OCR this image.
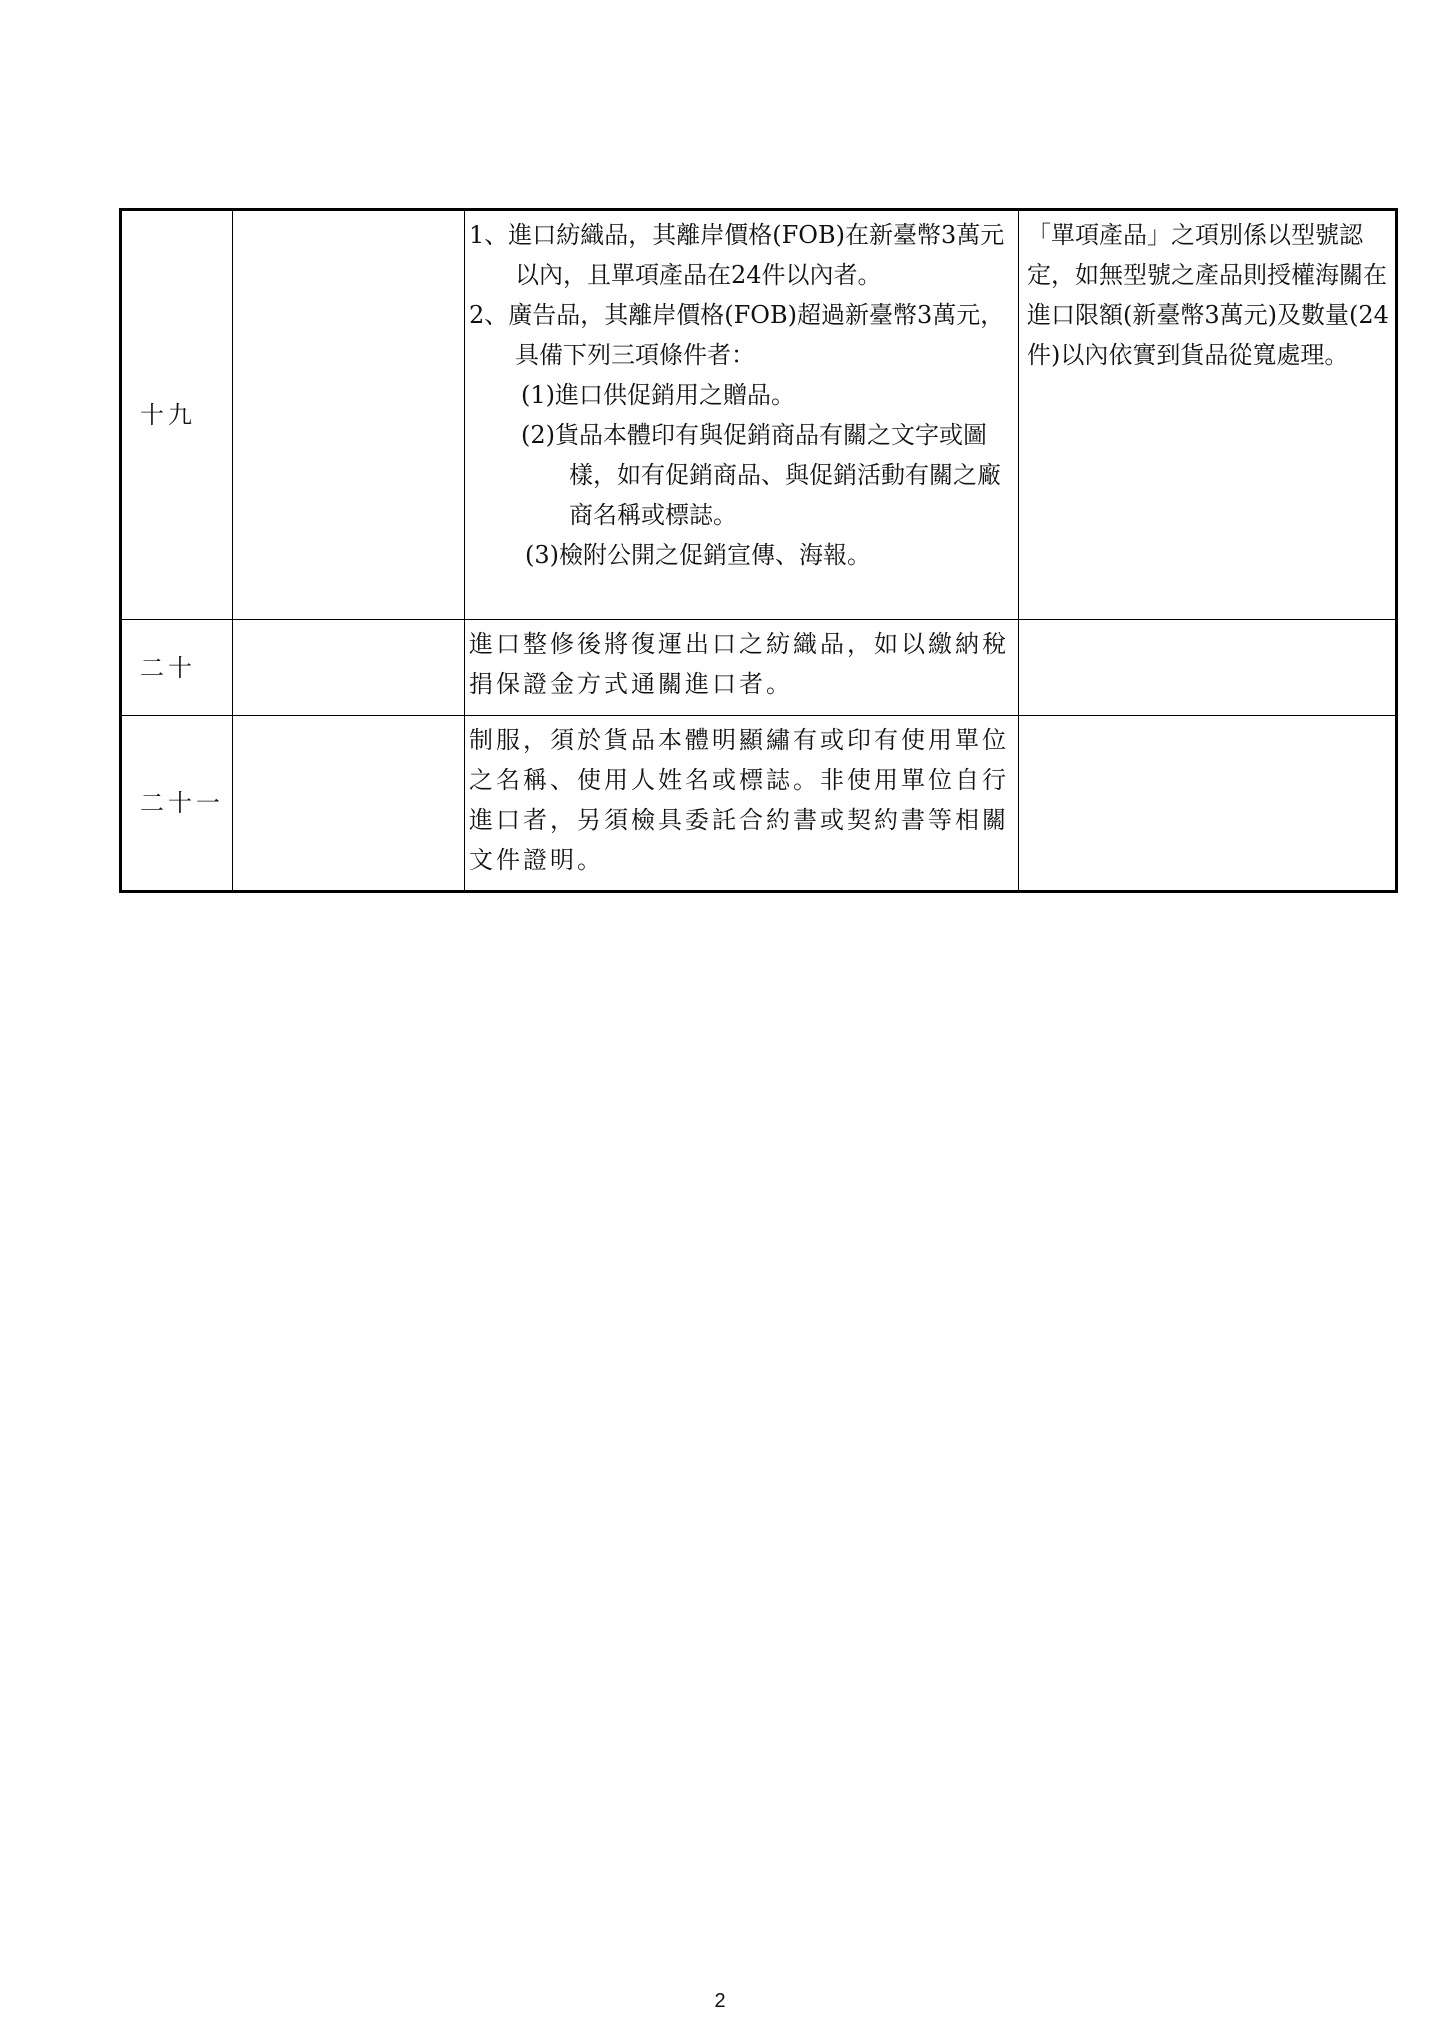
十九		1、進口紡織品，其離岸價格(FOB)在新臺幣3萬元以內，且單項產品在24件以內者。
2、廣告品，其離岸價格(FOB)超過新臺幣3萬元，具備下列三項條件者：
(1)進口供促銷用之贈品。
(2)貨品本體印有與促銷商品有關之文字或圖樣，如有促銷商品、與促銷活動有關之廠商名稱或標誌。
(3)檢附公開之促銷宣傳、海報。	「單項產品」之項別係以型號認定，如無型號之產品則授權海關在進口限額(新臺幣3萬元)及數量(24件)以內依實到貨品從寬處理。
二十		進口整修後將復運出口之紡織品，如以繳納稅捐保證金方式通關進口者。	

二十一		制服，須於貨品本體明顯繡有或印有使用單位之名稱、使用人姓名或標誌。非使用單位自行進口者，另須檢具委託合約書或契約書等相關文件證明。	

2
